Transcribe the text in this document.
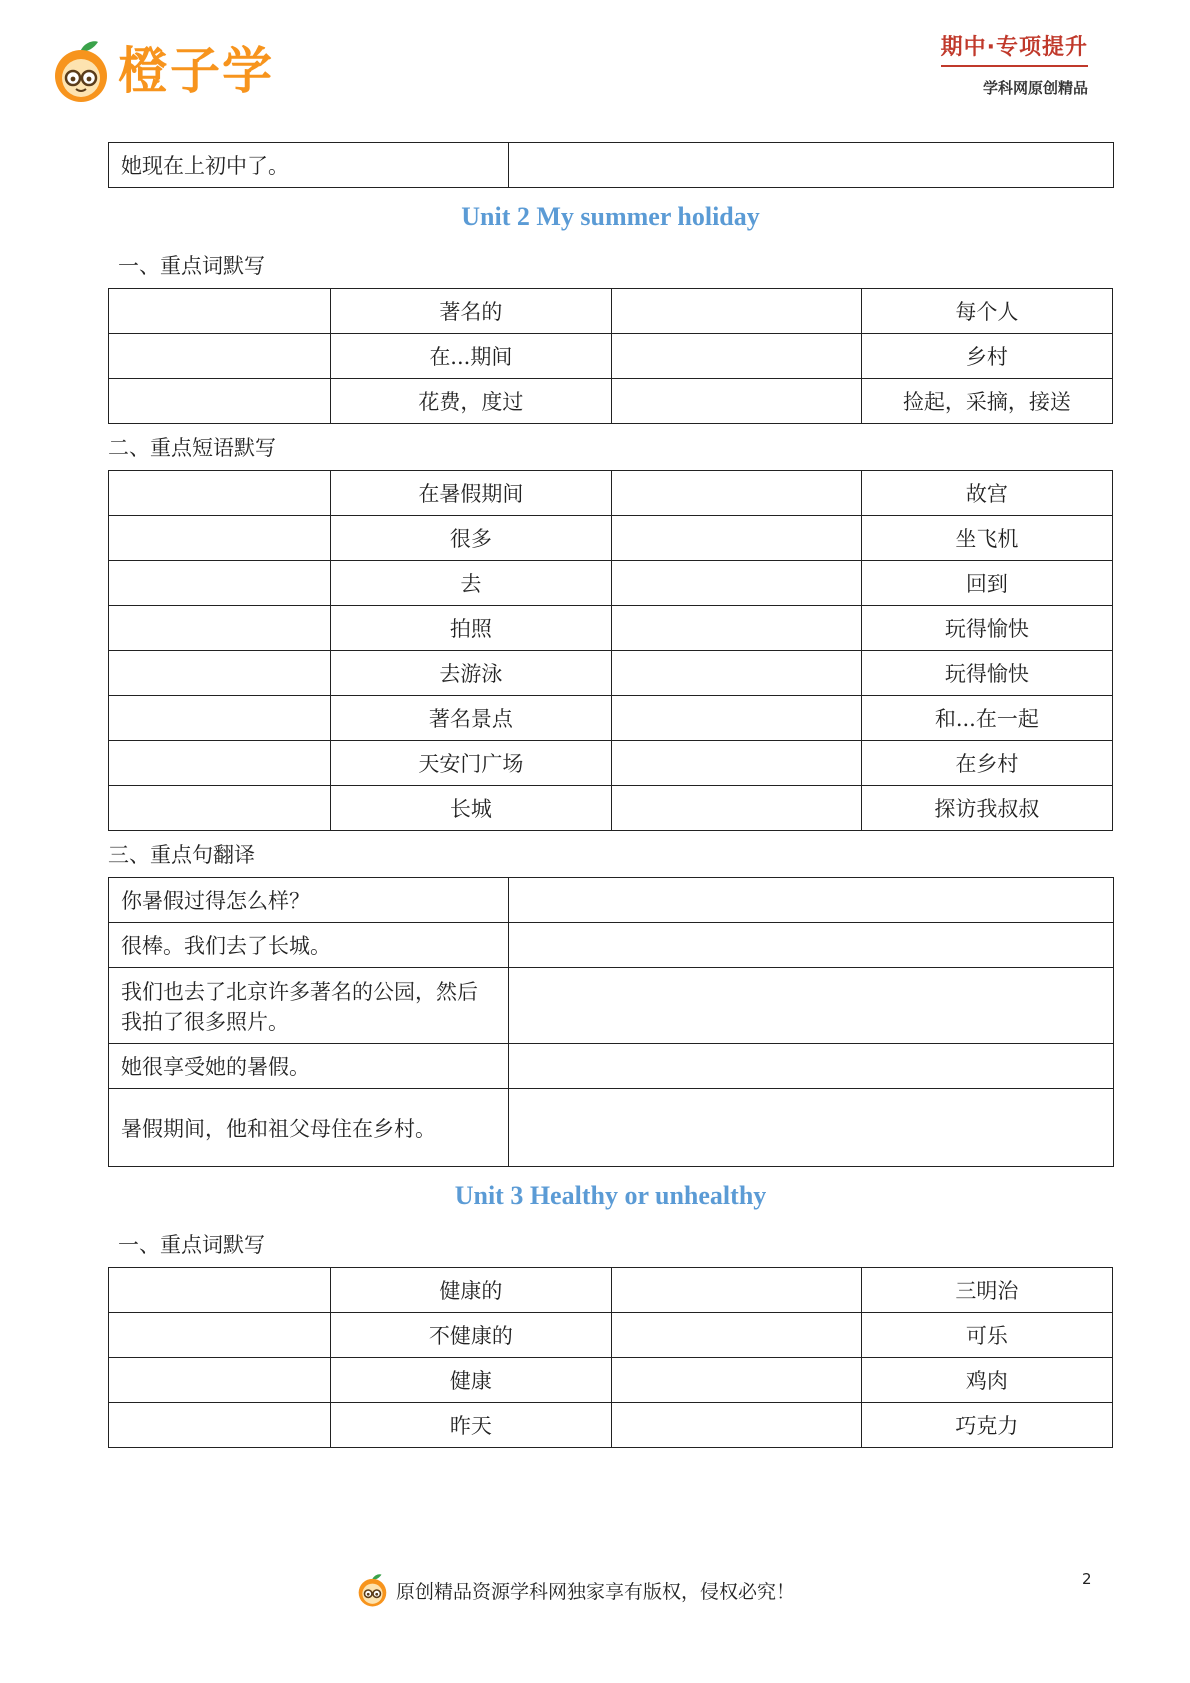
橙子学	期中·专项提升
学科网原创精品
她现在上初中了。	
Unit 2 My summer holiday
一、重点词默写
	著名的		每个人
	在...期间		乡村
	花费，度过		捡起，采摘，接送
二、重点短语默写
	在暑假期间		故宫
	很多		坐飞机
	去		回到
	拍照		玩得愉快
	去游泳		玩得愉快
	著名景点		和...在一起
	天安门广场		在乡村
	长城		探访我叔叔
三、重点句翻译
你暑假过得怎么样？	
很棒。我们去了长城。	
我们也去了北京许多著名的公园，然后我拍了很多照片。	
她很享受她的暑假。	
暑假期间，他和祖父母住在乡村。	
Unit 3 Healthy or unhealthy
一、重点词默写
	健康的		三明治
	不健康的		可乐
	健康		鸡肉
	昨天		巧克力
原创精品资源学科网独家享有版权，侵权必究！
2
